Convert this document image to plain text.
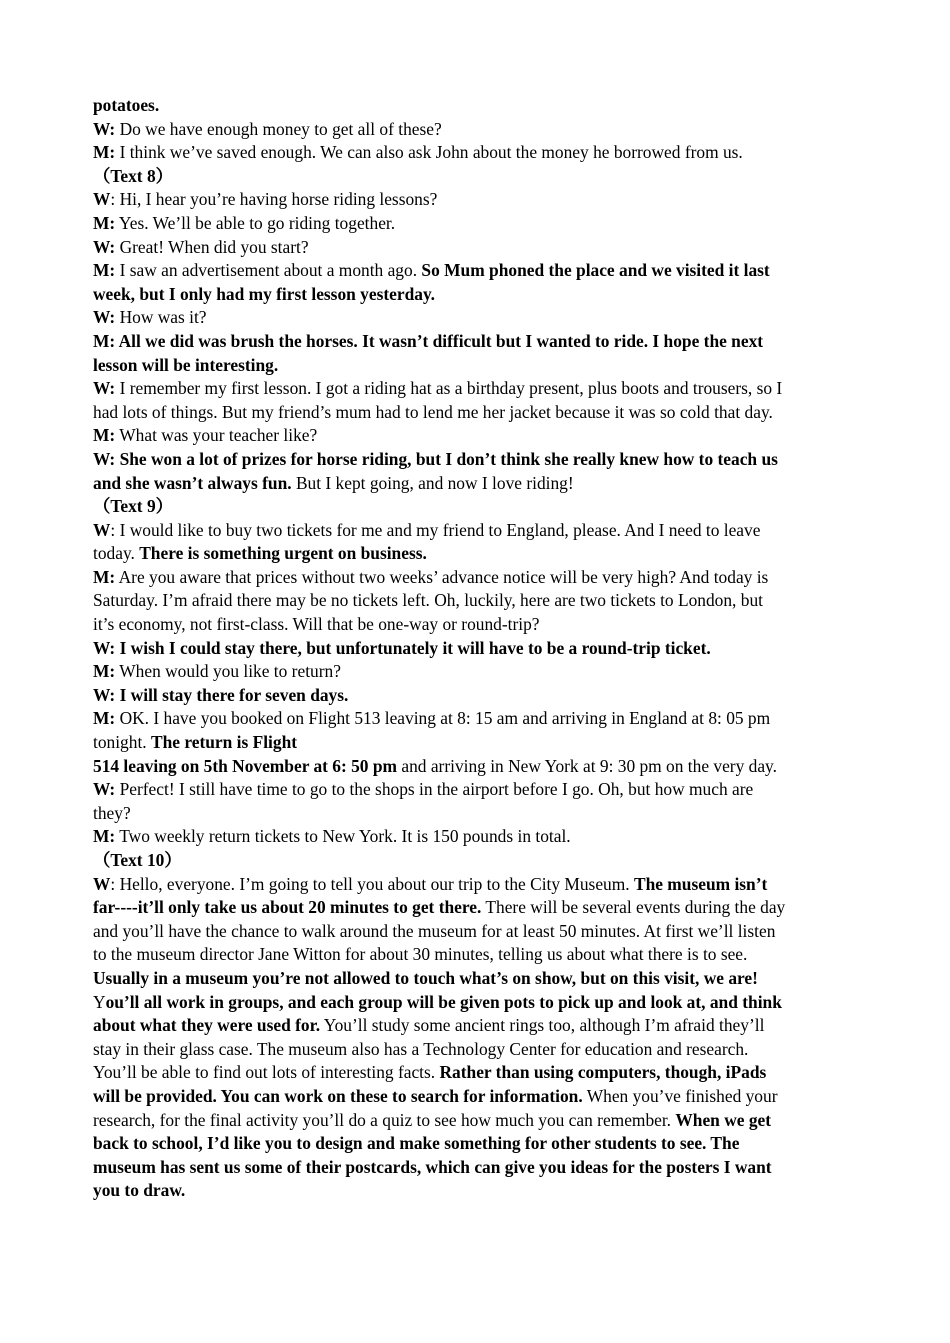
potatoes.
W: Do we have enough money to get all of these?
M: I think we’ve saved enough. We can also ask John about the money he borrowed from us.
（Text 8）
W: Hi, I hear you’re having horse riding lessons?
M: Yes. We’ll be able to go riding together.
W: Great! When did you start?
M: I saw an advertisement about a month ago. So Mum phoned the place and we visited it last
week, but I only had my first lesson yesterday.
W: How was it?
M: All we did was brush the horses. It wasn’t difficult but I wanted to ride. I hope the next
lesson will be interesting.
W: I remember my first lesson. I got a riding hat as a birthday present, plus boots and trousers, so I
had lots of things. But my friend’s mum had to lend me her jacket because it was so cold that day.
M: What was your teacher like?
W: She won a lot of prizes for horse riding, but I don’t think she really knew how to teach us
and she wasn’t always fun. But I kept going, and now I love riding!
（Text 9）
W: I would like to buy two tickets for me and my friend to England, please. And I need to leave
today. There is something urgent on business.
M: Are you aware that prices without two weeks’ advance notice will be very high? And today is
Saturday. I’m afraid there may be no tickets left. Oh, luckily, here are two tickets to London, but
it’s economy, not first-class. Will that be one-way or round-trip?
W: I wish I could stay there, but unfortunately it will have to be a round-trip ticket.
M: When would you like to return?
W: I will stay there for seven days.
M: OK. I have you booked on Flight 513 leaving at 8: 15 am and arriving in England at 8: 05 pm
tonight. The return is Flight
514 leaving on 5th November at 6: 50 pm and arriving in New York at 9: 30 pm on the very day.
W: Perfect! I still have time to go to the shops in the airport before I go. Oh, but how much are
they?
M: Two weekly return tickets to New York. It is 150 pounds in total.
（Text 10）
W: Hello, everyone. I’m going to tell you about our trip to the City Museum. The museum isn’t
far----it’ll only take us about 20 minutes to get there. There will be several events during the day
and you’ll have the chance to walk around the museum for at least 50 minutes. At first we’ll listen
to the museum director Jane Witton for about 30 minutes, telling us about what there is to see.
Usually in a museum you’re not allowed to touch what’s on show, but on this visit, we are!
You’ll all work in groups, and each group will be given pots to pick up and look at, and think
about what they were used for. You’ll study some ancient rings too, although I’m afraid they’ll
stay in their glass case. The museum also has a Technology Center for education and research.
You’ll be able to find out lots of interesting facts. Rather than using computers, though, iPads
will be provided. You can work on these to search for information. When you’ve finished your
research, for the final activity you’ll do a quiz to see how much you can remember. When we get
back to school, I’d like you to design and make something for other students to see. The
museum has sent us some of their postcards, which can give you ideas for the posters I want
you to draw.
